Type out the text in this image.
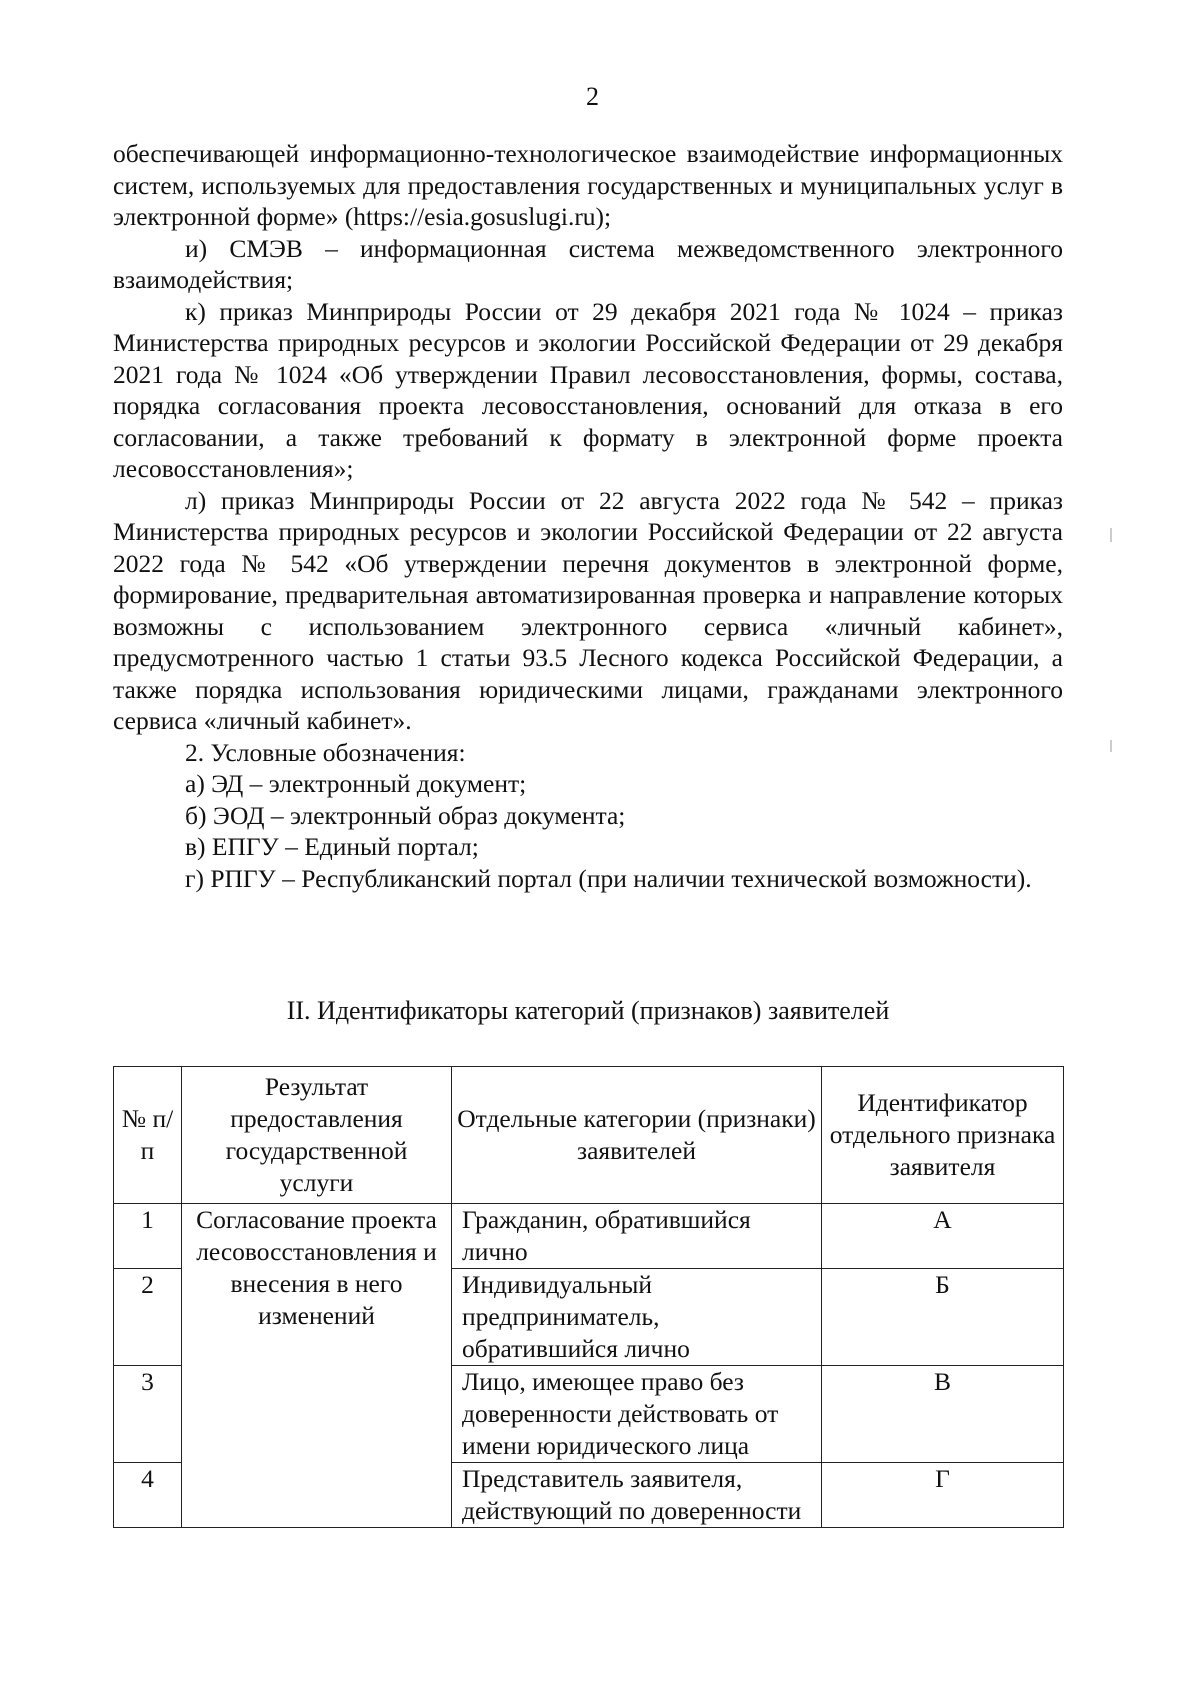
2

обеспечивающей информационно-технологическое взаимодействие информационных систем, используемых для предоставления государственных и муниципальных услуг в электронной форме» (https://esia.gosuslugi.ru);

и) СМЭВ – информационная система межведомственного электронного взаимодействия;

к) приказ Минприроды России от 29 декабря 2021 года № 1024 – приказ Министерства природных ресурсов и экологии Российской Федерации от 29 декабря 2021 года № 1024 «Об утверждении Правил лесовосстановления, формы, состава, порядка согласования проекта лесовосстановления, оснований для отказа в его согласовании, а также требований к формату в электронной форме проекта лесовосстановления»;

л) приказ Минприроды России от 22 августа 2022 года № 542 – приказ Министерства природных ресурсов и экологии Российской Федерации от 22 августа 2022 года № 542 «Об утверждении перечня документов в электронной форме, формирование, предварительная автоматизированная проверка и направление которых возможны с использованием электронного сервиса «личный кабинет», предусмотренного частью 1 статьи 93.5 Лесного кодекса Российской Федерации, а также порядка использования юридическими лицами, гражданами электронного сервиса «личный кабинет».

2. Условные обозначения:

а) ЭД – электронный документ;

б) ЭОД – электронный образ документа;

в) ЕПГУ – Единый портал;

г) РПГУ – Республиканский портал (при наличии технической возможности).

II. Идентификаторы категорий (признаков) заявителей
№ п/п	Результат предоставления государственной услуги	Отдельные категории (признаки) заявителей	Идентификатор отдельного признака заявителя
1	Согласование проекта лесовосстановления и внесения в него изменений	Гражданин, обратившийся лично	А
2		Индивидуальный предприниматель, обратившийся лично	Б
3		Лицо, имеющее право без доверенности действовать от имени юридического лица	В
4		Представитель заявителя, действующий по доверенности	Г
